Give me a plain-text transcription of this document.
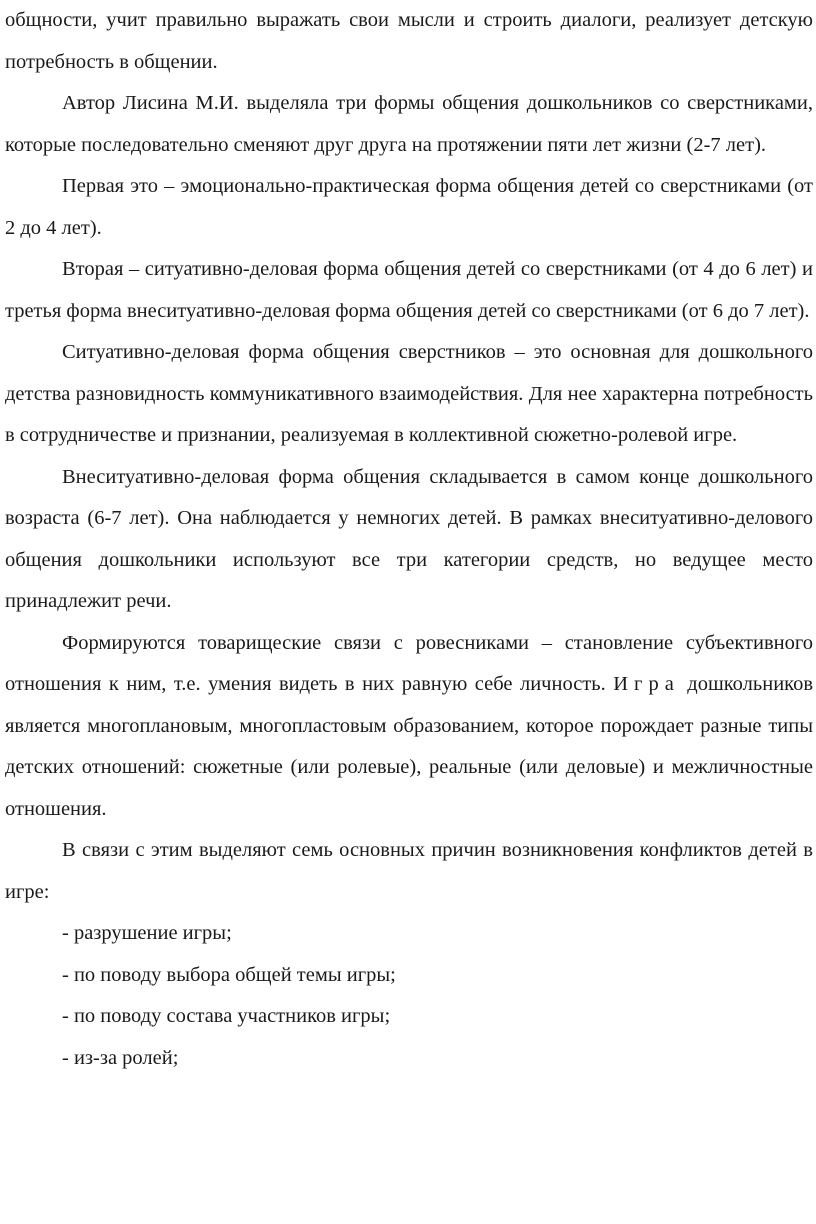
общности, учит правильно выражать свои мысли и строить диалоги, реализует детскую потребность в общении.

Автор Лисина М.И. выделяла три формы общения дошкольников со сверстниками, которые последовательно сменяют друг друга на протяжении пяти лет жизни (2-7 лет).

Первая это – эмоционально-практическая форма общения детей со сверстниками (от 2 до 4 лет).

Вторая – ситуативно-деловая форма общения детей со сверстниками (от 4 до 6 лет) и третья форма внеситуативно-деловая форма общения детей со сверстниками (от 6 до 7 лет).

Ситуативно-деловая форма общения сверстников – это основная для дошкольного детства разновидность коммуникативного взаимодействия. Для нее характерна потребность в сотрудничестве и признании, реализуемая в коллективной сюжетно-ролевой игре.

Внеситуативно-деловая форма общения складывается в самом конце дошкольного возраста (6-7 лет). Она наблюдается у немногих детей. В рамках внеситуативно-делового общения дошкольники используют все три категории средств, но ведущее место принадлежит речи.

Формируются товарищеские связи с ровесниками – становление субъективного отношения к ним, т.е. умения видеть в них равную себе личность. Игра дошкольников является многоплановым, многопластовым образованием, которое порождает разные типы детских отношений: сюжетные (или ролевые), реальные (или деловые) и межличностные отношения.

В связи с этим выделяют семь основных причин возникновения конфликтов детей в игре:

- разрушение игры;

- по поводу выбора общей темы игры;

- по поводу состава участников игры;

- из-за ролей;
